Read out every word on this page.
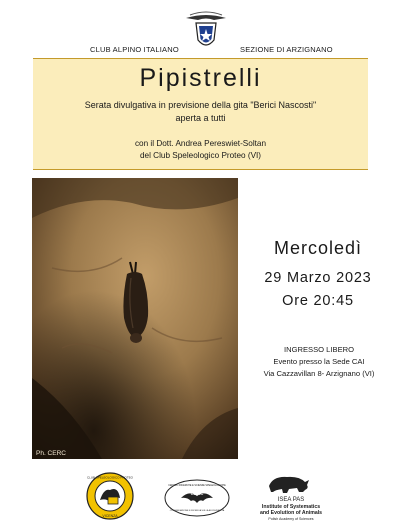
CAI
CLUB ALPINO ITALIANO	SEZIONE DI ARZIGNANO
Pipistrelli
Serata divulgativa in previsione della gita "Berici Nascosti"
aperta a tutti
con il Dott. Andrea Pereswiet-Soltan
del Club Speleologico Proteo (VI)
Ph. CERC
Mercoledì
29 Marzo 2023
Ore 20:45
INGRESSO LIBERO
Evento presso la Sede CAI
Via Cazzavillan 8- Arzignano (VI)
CLUB SPELEOLOGICO PROTEO
VICENZA
CERC
CENTRO RICERCHE E SCIENZE SPELEOLOGICHE
CONSERVAZIONE E RICERCA SULLA BIODIVERSITÀ
ISEA PAS
Institute of Systematics
and Evolution of Animals
Polish Academy of Sciences
